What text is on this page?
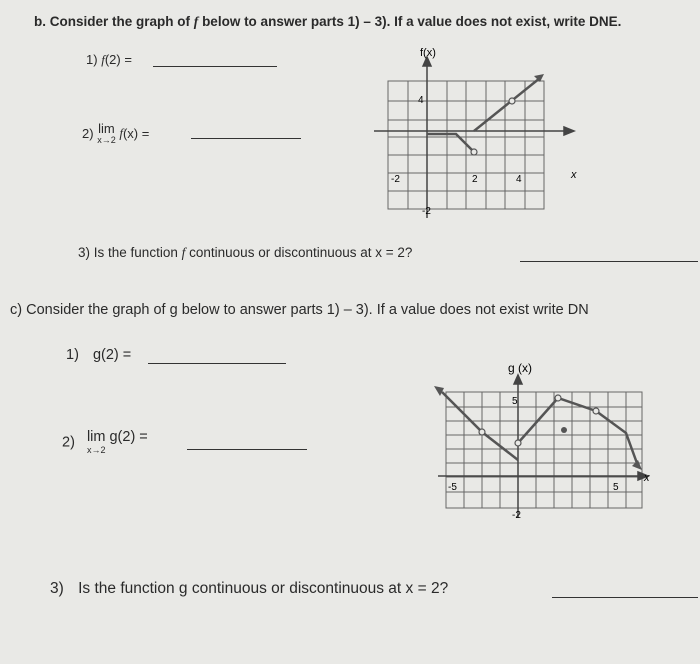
b. Consider the graph of f below to answer parts 1) – 3). If a value does not exist, write DNE.
1) f(2) =
2) lim
x→2 f(x) =
f(x)
x
-2	2	4
4
-2
3) Is the function f continuous or discontinuous at x = 2?
c) Consider the graph of g below to answer parts 1) – 3). If a value does not exist write DN
1) g(2) =
2) lim g(2) =
x→2
g (x)
x
5
-5	5
-2
3) Is the function g continuous or discontinuous at x = 2?
